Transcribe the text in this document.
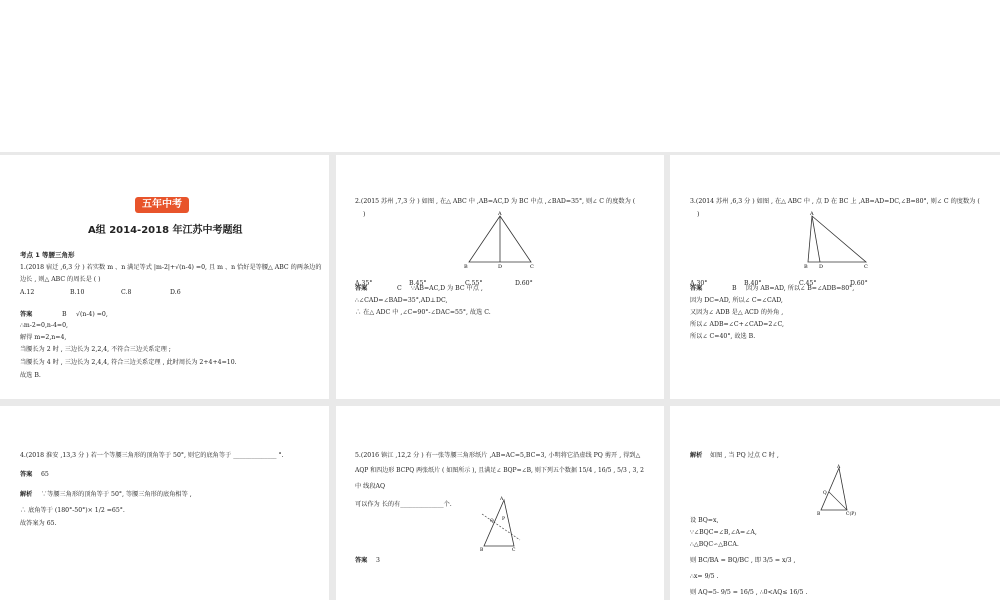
五年中考
A组 2014-2018 年江苏中考题组
考点 1 等腰三角形
1.(2018 宿迁 ,6,3 分 ) 若实数 m 、n 满足等式 |m-2|+√(n-4) =0, 且 m 、n 恰好是等腰△ ABC 的两条边的
边长 , 则△ ABC 的周长是 ( )
A.12	B.10	C.8	D.6
答案	B √(n-4) =0,
∴m-2=0,n-4=0,
解得 m=2,n=4,
当腰长为 2 时 , 三边长为 2,2,4, 不符合三边关系定理 ;
当腰长为 4 时 , 三边长为 2,4,4, 符合三边关系定理 , 此时周长为 2+4+4=10.
故选 B.
2.(2015 苏州 ,7,3 分 ) 如图 , 在△ ABC 中 ,AB=AC,D 为 BC 中点 ,∠BAD=35°, 则∠ C 的度数为 (
)	A
B	D	C
A.35°	B.45°	C.55°	D.60°
答案	C ∵AB=AC,D 为 BC 中点 ,
∴∠CAD=∠BAD=35°,AD⊥DC,
∴ 在△ ADC 中 ,∠C=90°-∠DAC=55°, 故选 C.
3.(2014 苏州 ,6,3 分 ) 如图 , 在△ ABC 中 , 点 D 在 BC 上 ,AB=AD=DC,∠B=80°, 则∠ C 的度数为 (
)	A
B D	C
A.30°	B.40°	C.45°	D.60°
答案	B 因为 AB=AD, 所以∠ B=∠ADB=80°,
因为 DC=AD, 所以∠ C=∠CAD,
又因为∠ ADB 是△ ACD 的外角 ,
所以∠ ADB=∠C+∠CAD=2∠C,
所以∠ C=40°, 故选 B.
4.(2018 淮安 ,13,3 分 ) 若一个等腰三角形的顶角等于 50°, 则它的底角等于 ______________ °.
答案 65
解析 ∵等腰三角形的顶角等于 50°, 等腰三角形的底角相等 ,
∴ 底角等于 (180°-50°)× 1/2 =65°.
故答案为 65.
5.(2016 镇江 ,12,2 分 ) 有一张等腰三角形纸片 ,AB=AC=5,BC=3, 小明将它沿虚线 PQ 剪开 , 得到△
AQP 和四边形 BCPQ 两张纸片 ( 如图所示 ), 且满足∠ BQP=∠B, 则下列五个数据 15/4 , 16/5 , 5/3 , 3, 2
中 线段AQ
可以作为 长的有______________个.
A
P
Q
B	C
答案 3
解析 如图 , 当 PQ 过点 C 时 ,
A
Q
B	C(P)
设 BQ=x,
∵∠BQC=∠B,∠A=∠A,
∴△BQC∽△BCA.
则 BC/BA = BQ/BC , 即 3/5 = x/3 ,
∴x= 9/5 .
则 AQ=5- 9/5 = 16/5 , ∴0<AQ≤ 16/5 .
